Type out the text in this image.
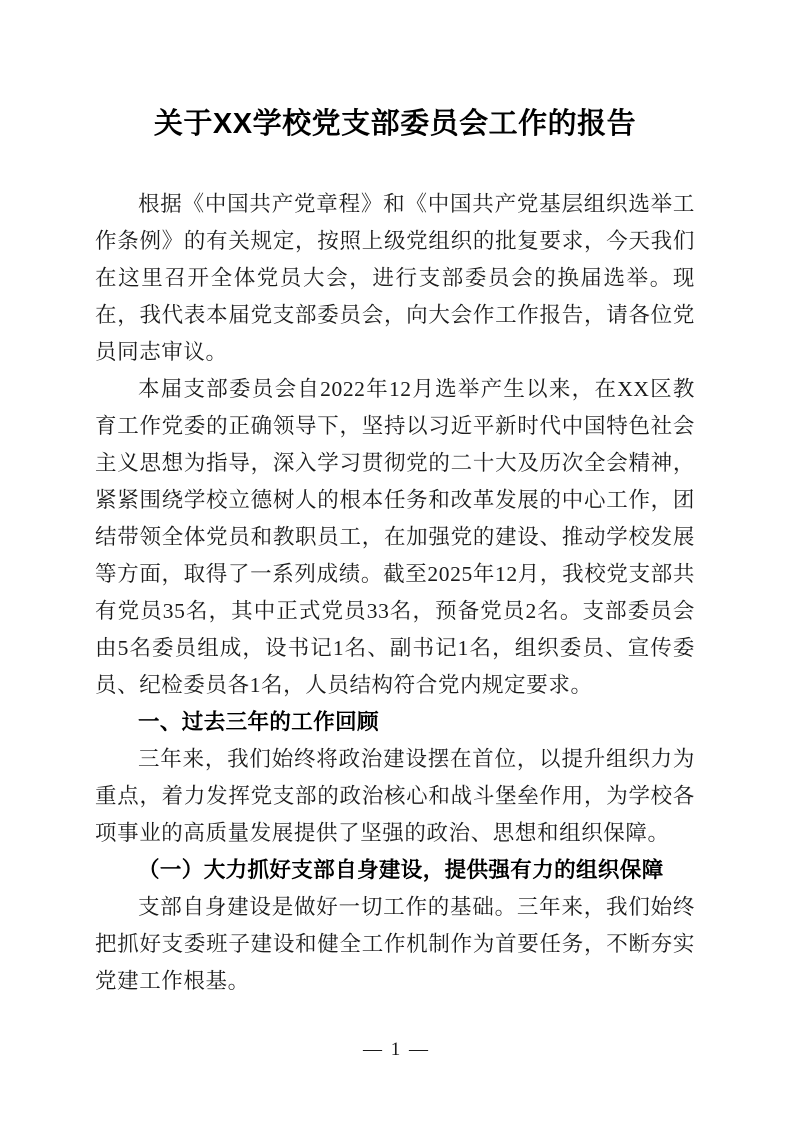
关于XX学校党支部委员会工作的报告

根据《中国共产党章程》和《中国共产党基层组织选举工作条例》的有关规定，按照上级党组织的批复要求，今天我们在这里召开全体党员大会，进行支部委员会的换届选举。现在，我代表本届党支部委员会，向大会作工作报告，请各位党员同志审议。

本届支部委员会自2022年12月选举产生以来，在XX区教育工作党委的正确领导下，坚持以习近平新时代中国特色社会主义思想为指导，深入学习贯彻党的二十大及历次全会精神，紧紧围绕学校立德树人的根本任务和改革发展的中心工作，团结带领全体党员和教职员工，在加强党的建设、推动学校发展等方面，取得了一系列成绩。截至2025年12月，我校党支部共有党员35名，其中正式党员33名，预备党员2名。支部委员会由5名委员组成，设书记1名、副书记1名，组织委员、宣传委员、纪检委员各1名，人员结构符合党内规定要求。

一、过去三年的工作回顾

三年来，我们始终将政治建设摆在首位，以提升组织力为重点，着力发挥党支部的政治核心和战斗堡垒作用，为学校各项事业的高质量发展提供了坚强的政治、思想和组织保障。

（一）大力抓好支部自身建设，提供强有力的组织保障

支部自身建设是做好一切工作的基础。三年来，我们始终把抓好支委班子建设和健全工作机制作为首要任务，不断夯实党建工作根基。

— 1 —
